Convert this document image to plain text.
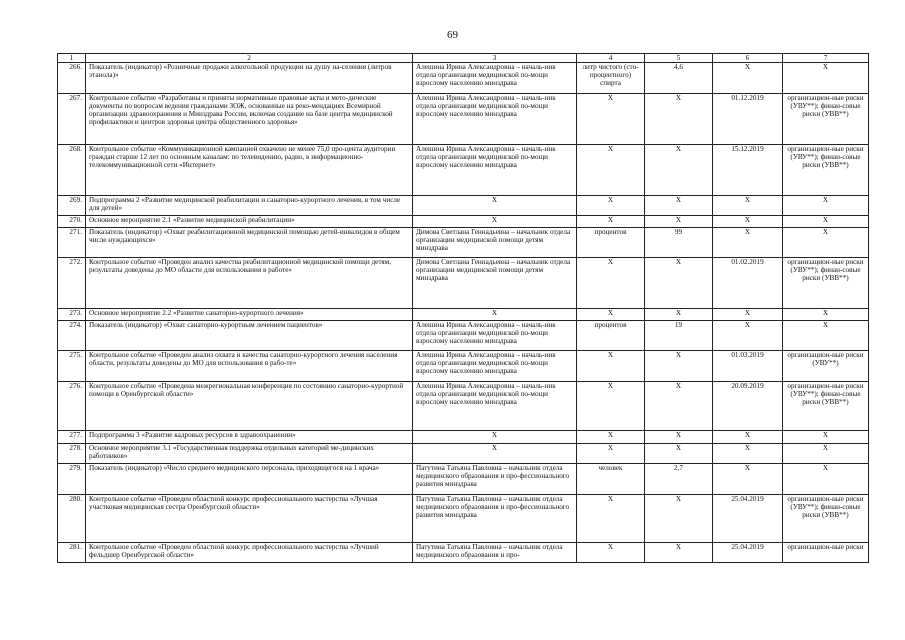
69
1	2	3	4	5	6	7
266.	Показатель (индикатор) «Розничные продажи алкогольной продукции на душу на-селения (литров этанола)»	Алешина Ирина Александровна – началь-ник отдела организации медицинской по-мощи взрослому населению минздрава	литр чистого (сто-процентного) спирта	4,6	X	X
267.	Контрольное событие «Разработаны и приняты нормативные правовые акты и мето-дические документы по вопросам ведения гражданами ЗОЖ, основанные на реко-мендациях Всемирной организации здравоохранения и Минздрава России, включая создание на базе центра медицинской профилактики и центров здоровья центра общественного здоровья»	Алешина Ирина Александровна – началь-ник отдела организации медицинской по-мощи взрослому населению минздрава	X	X	01.12.2019	организацион-ные риски (УВУ**); финан-совые риски (УВВ**)
268.	Контрольное событие «Коммуникационной кампанией охвачено не менее 75,0 про-цента аудитории граждан старше 12 лет по основным каналам: по телевидению, радио, в информационно-телекоммуникационной сети «Интернет»	Алешина Ирина Александровна – началь-ник отдела организации медицинской по-мощи взрослому населению минздрава	X	X	15.12.2019	организацион-ные риски (УВУ**); финан-совые риски (УВВ**)
269.	Подпрограмма 2 «Развитие медицинской реабилитации и санаторно-курортного лечения, в том числе для детей»	X	X	X	X	X
270.	Основное мероприятие 2.1 «Развитие медицинской реабилитации»	X	X	X	X	X
271.	Показатель (индикатор) «Охват реабилитационной медицинской помощью детей-инвалидов в общем числе нуждающихся»	Димова Светлана Геннадьевна – начальник отдела организации медицинской помощи детям минздрава	процентов	99	X	X
272.	Контрольное событие «Проведен анализ качества реабилитационной медицинской помощи детям, результаты доведены до МО области для использования в работе»	Димова Светлана Геннадьевна – начальник отдела организации медицинской помощи детям минздрава	X	X	01.02.2019	организацион-ные риски (УВУ**); финан-совые риски (УВВ**)
273.	Основное мероприятие 2.2 «Развитие санаторно-курортного лечения»	X	X	X	X	X
274.	Показатель (индикатор) «Охват санаторно-курортным лечением пациентов»	Алешина Ирина Александровна – началь-ник отдела организации медицинской по-мощи взрослому населению минздрава	процентов	19	X	X
275.	Контрольное событие «Проведен анализ охвата и качества санаторно-курортного лечения населения области, результаты доведены до МО для использования в рабо-те»	Алешина Ирина Александровна – началь-ник отдела организации медицинской по-мощи взрослому населению минздрава	X	X	01.03.2019	организацион-ные риски (УВУ**)
276.	Контрольное событие «Проведена межрегиональная конференция по состоянию санаторно-курортной помощи в Оренбургской области»	Алешина Ирина Александровна – началь-ник отдела организации медицинской по-мощи взрослому населению минздрава	X	X	20.09.2019	организацион-ные риски (УВУ**); финан-совые риски (УВВ**)
277.	Подпрограмма 3 «Развитие кадровых ресурсов в здравоохранении»	X	X	X	X	X
278.	Основное мероприятие 3.1 «Государственная поддержка отдельных категорий ме-дицинских работников»	X	X	X	X	X
279.	Показатель (индикатор) «Число среднего медицинского персонала, приходящегося на 1 врача»	Патутина Татьяна Павловна – начальник отдела медицинского образования и про-фессионального развития минздрава	человек	2,7	X	X
280.	Контрольное событие «Проведен областной конкурс профессионального мастерства «Лучшая участковая медицинская сестра Оренбургской области»	Патутина Татьяна Павловна – начальник отдела медицинского образования и про-фессионального развития минздрава	X	X	25.04.2019	организацион-ные риски (УВУ**); финан-совые риски (УВВ**)
281.	Контрольное событие «Проведен областной конкурс профессионального мастерства «Лучший фельдшер Оренбургской области»	Патутина Татьяна Павловна – начальник отдела медицинского образования и про-	X	X	25.04.2019	организацион-ные риски
